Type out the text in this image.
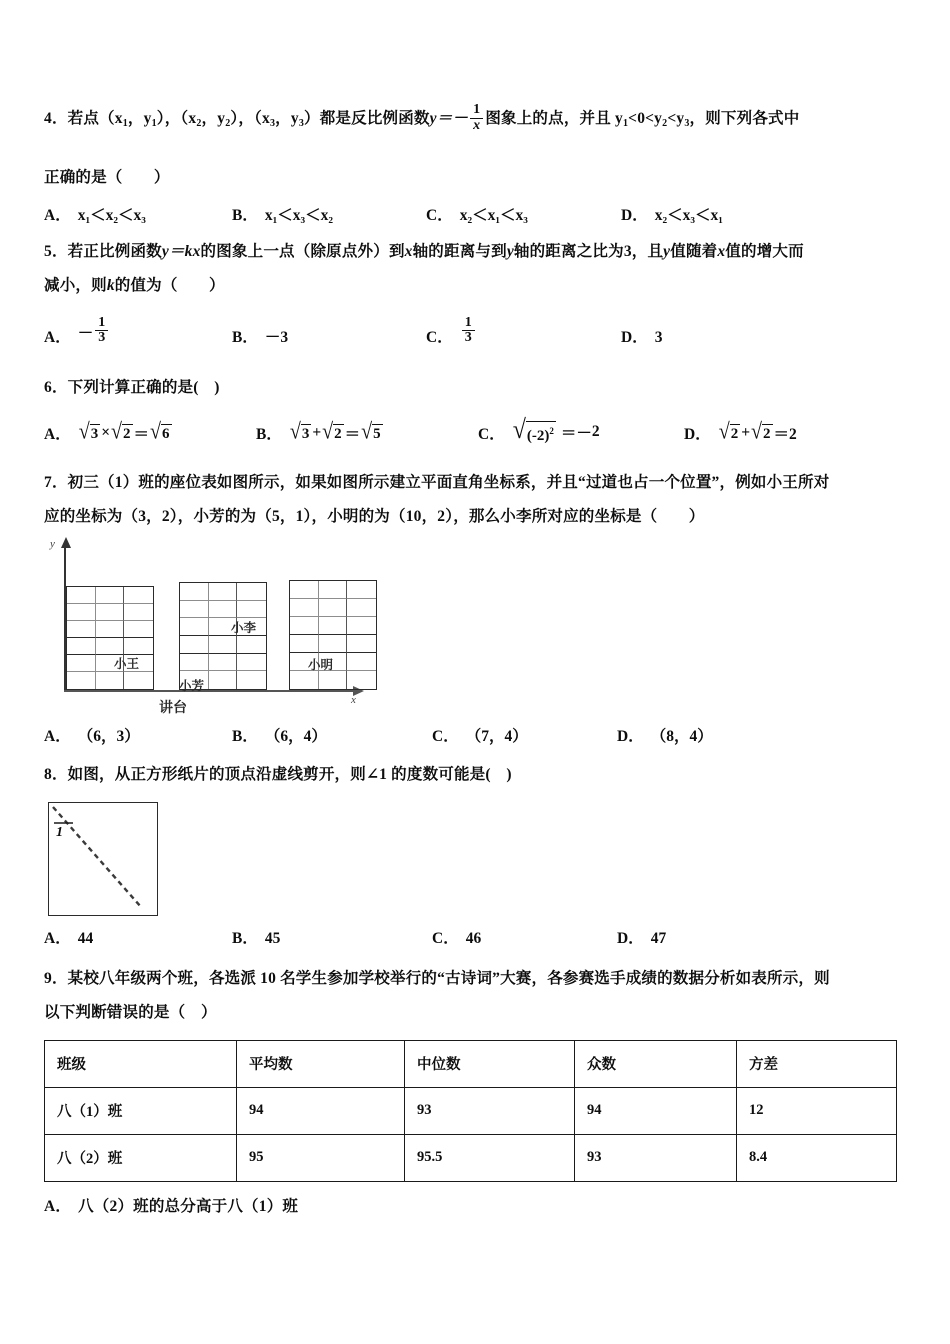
4．若点（$x_1$，$y_1$），（$x_2$，$y_2$），（$x_3$，$y_3$）都是反比例函数$y=- \frac{1}{x}$ 图象上的点，并且 $y_1<0<y_2<y_3$，则下列各式中
正确的是（　　）
A． x₁＜x₂＜x₃	B． x₁＜x₃＜x₂	C． x₂＜x₁＜x₃	D． x₂＜x₃＜x₁
5．若正比例函数y＝kx的图象上一点（除原点外）到x轴的距离与到y轴的距离之比为3，且y值随着x值的增大而
减小，则k的值为（　　）
A． － $\frac{1}{3}$	B． －3	C． $\frac{1}{3}$	D． 3
6．下列计算正确的是(　)
A． √ 3 × √ 2 ＝ √ 6	B． √ 3 + √ 2 ＝ √ 5	C． √ $(-2)^2 =- 2$	D． √ 2 + √ 2 ＝2
7．初三（1）班的座位表如图所示，如果如图所示建立平面直角坐标系，并且“过道也占一个位置”，例如小王所对
应的坐标为（3，2），小芳的为（5，1），小明的为（10，2），那么小李所对应的坐标是（　　）
y
x
小王
小芳
小李
小明
讲台
A． （6，3）	B． （6，4）	C． （7，4）	D． （8，4）
8．如图，从正方形纸片的顶点沿虚线剪开，则∠1 的度数可能是(　)
1
A． 44	B． 45	C． 46	D． 47
9．某校八年级两个班，各选派 10 名学生参加学校举行的“古诗词”大赛，各参赛选手成绩的数据分析如表所示，则
以下判断错误的是（　）
班级	平均数	中位数	众数	方差
八（1）班	94	93	94	12
八（2）班	95	95.5	93	8.4
A． 八（2）班的总分高于八（1）班
